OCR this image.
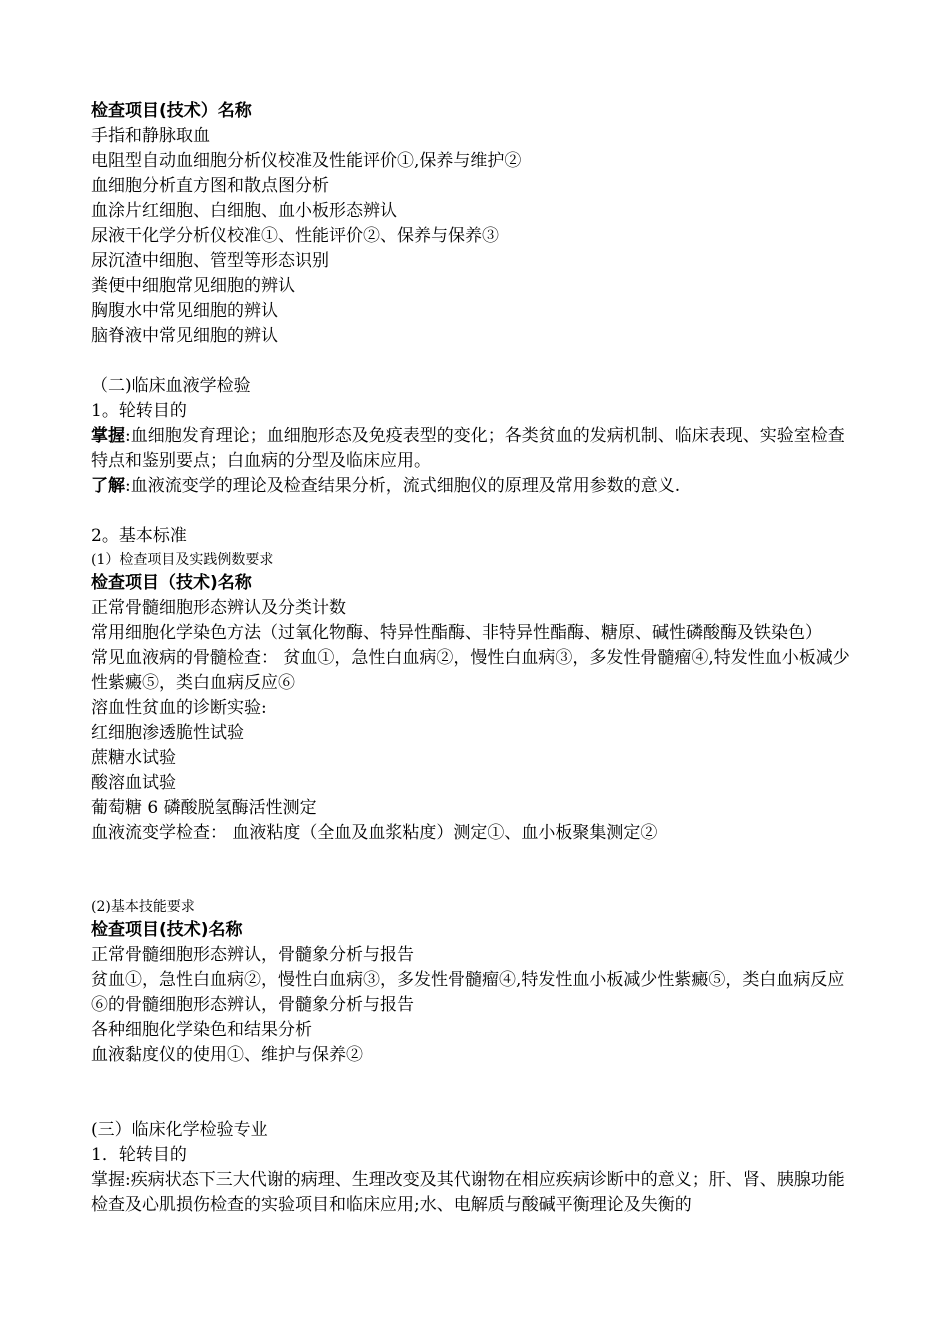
检查项目(技术）名称

手指和静脉取血

电阻型自动血细胞分析仪校准及性能评价①,保养与维护②

血细胞分析直方图和散点图分析

血涂片红细胞、白细胞、血小板形态辨认

尿液干化学分析仪校准①、性能评价②、保养与保养③

尿沉渣中细胞、管型等形态识别

粪便中细胞常见细胞的辨认

胸腹水中常见细胞的辨认

脑脊液中常见细胞的辨认

（二)临床血液学检验

1。轮转目的

掌握:血细胞发育理论；血细胞形态及免疫表型的变化；各类贫血的发病机制、临床表现、实验室检查特点和鉴别要点；白血病的分型及临床应用。

了解:血液流变学的理论及检查结果分析，流式细胞仪的原理及常用参数的意义.

2。基本标准

(1）检查项目及实践例数要求

检查项目（技术)名称

正常骨髓细胞形态辨认及分类计数

常用细胞化学染色方法（过氧化物酶、特异性酯酶、非特异性酯酶、糖原、碱性磷酸酶及铁染色）

常见血液病的骨髓检查： 贫血①，急性白血病②，慢性白血病③，多发性骨髓瘤④,特发性血小板减少性紫癜⑤，类白血病反应⑥

溶血性贫血的诊断实验:

红细胞渗透脆性试验

蔗糖水试验

酸溶血试验

葡萄糖 6 磷酸脱氢酶活性测定

血液流变学检查： 血液粘度（全血及血浆粘度）测定①、血小板聚集测定②

(2)基本技能要求

检查项目(技术)名称

正常骨髓细胞形态辨认，骨髓象分析与报告

贫血①，急性白血病②，慢性白血病③，多发性骨髓瘤④,特发性血小板减少性紫癜⑤，类白血病反应⑥的骨髓细胞形态辨认，骨髓象分析与报告

各种细胞化学染色和结果分析

血液黏度仪的使用①、维护与保养②

(三）临床化学检验专业

1．轮转目的

掌握:疾病状态下三大代谢的病理、生理改变及其代谢物在相应疾病诊断中的意义；肝、肾、胰腺功能检查及心肌损伤检查的实验项目和临床应用;水、电解质与酸碱平衡理论及失衡的
